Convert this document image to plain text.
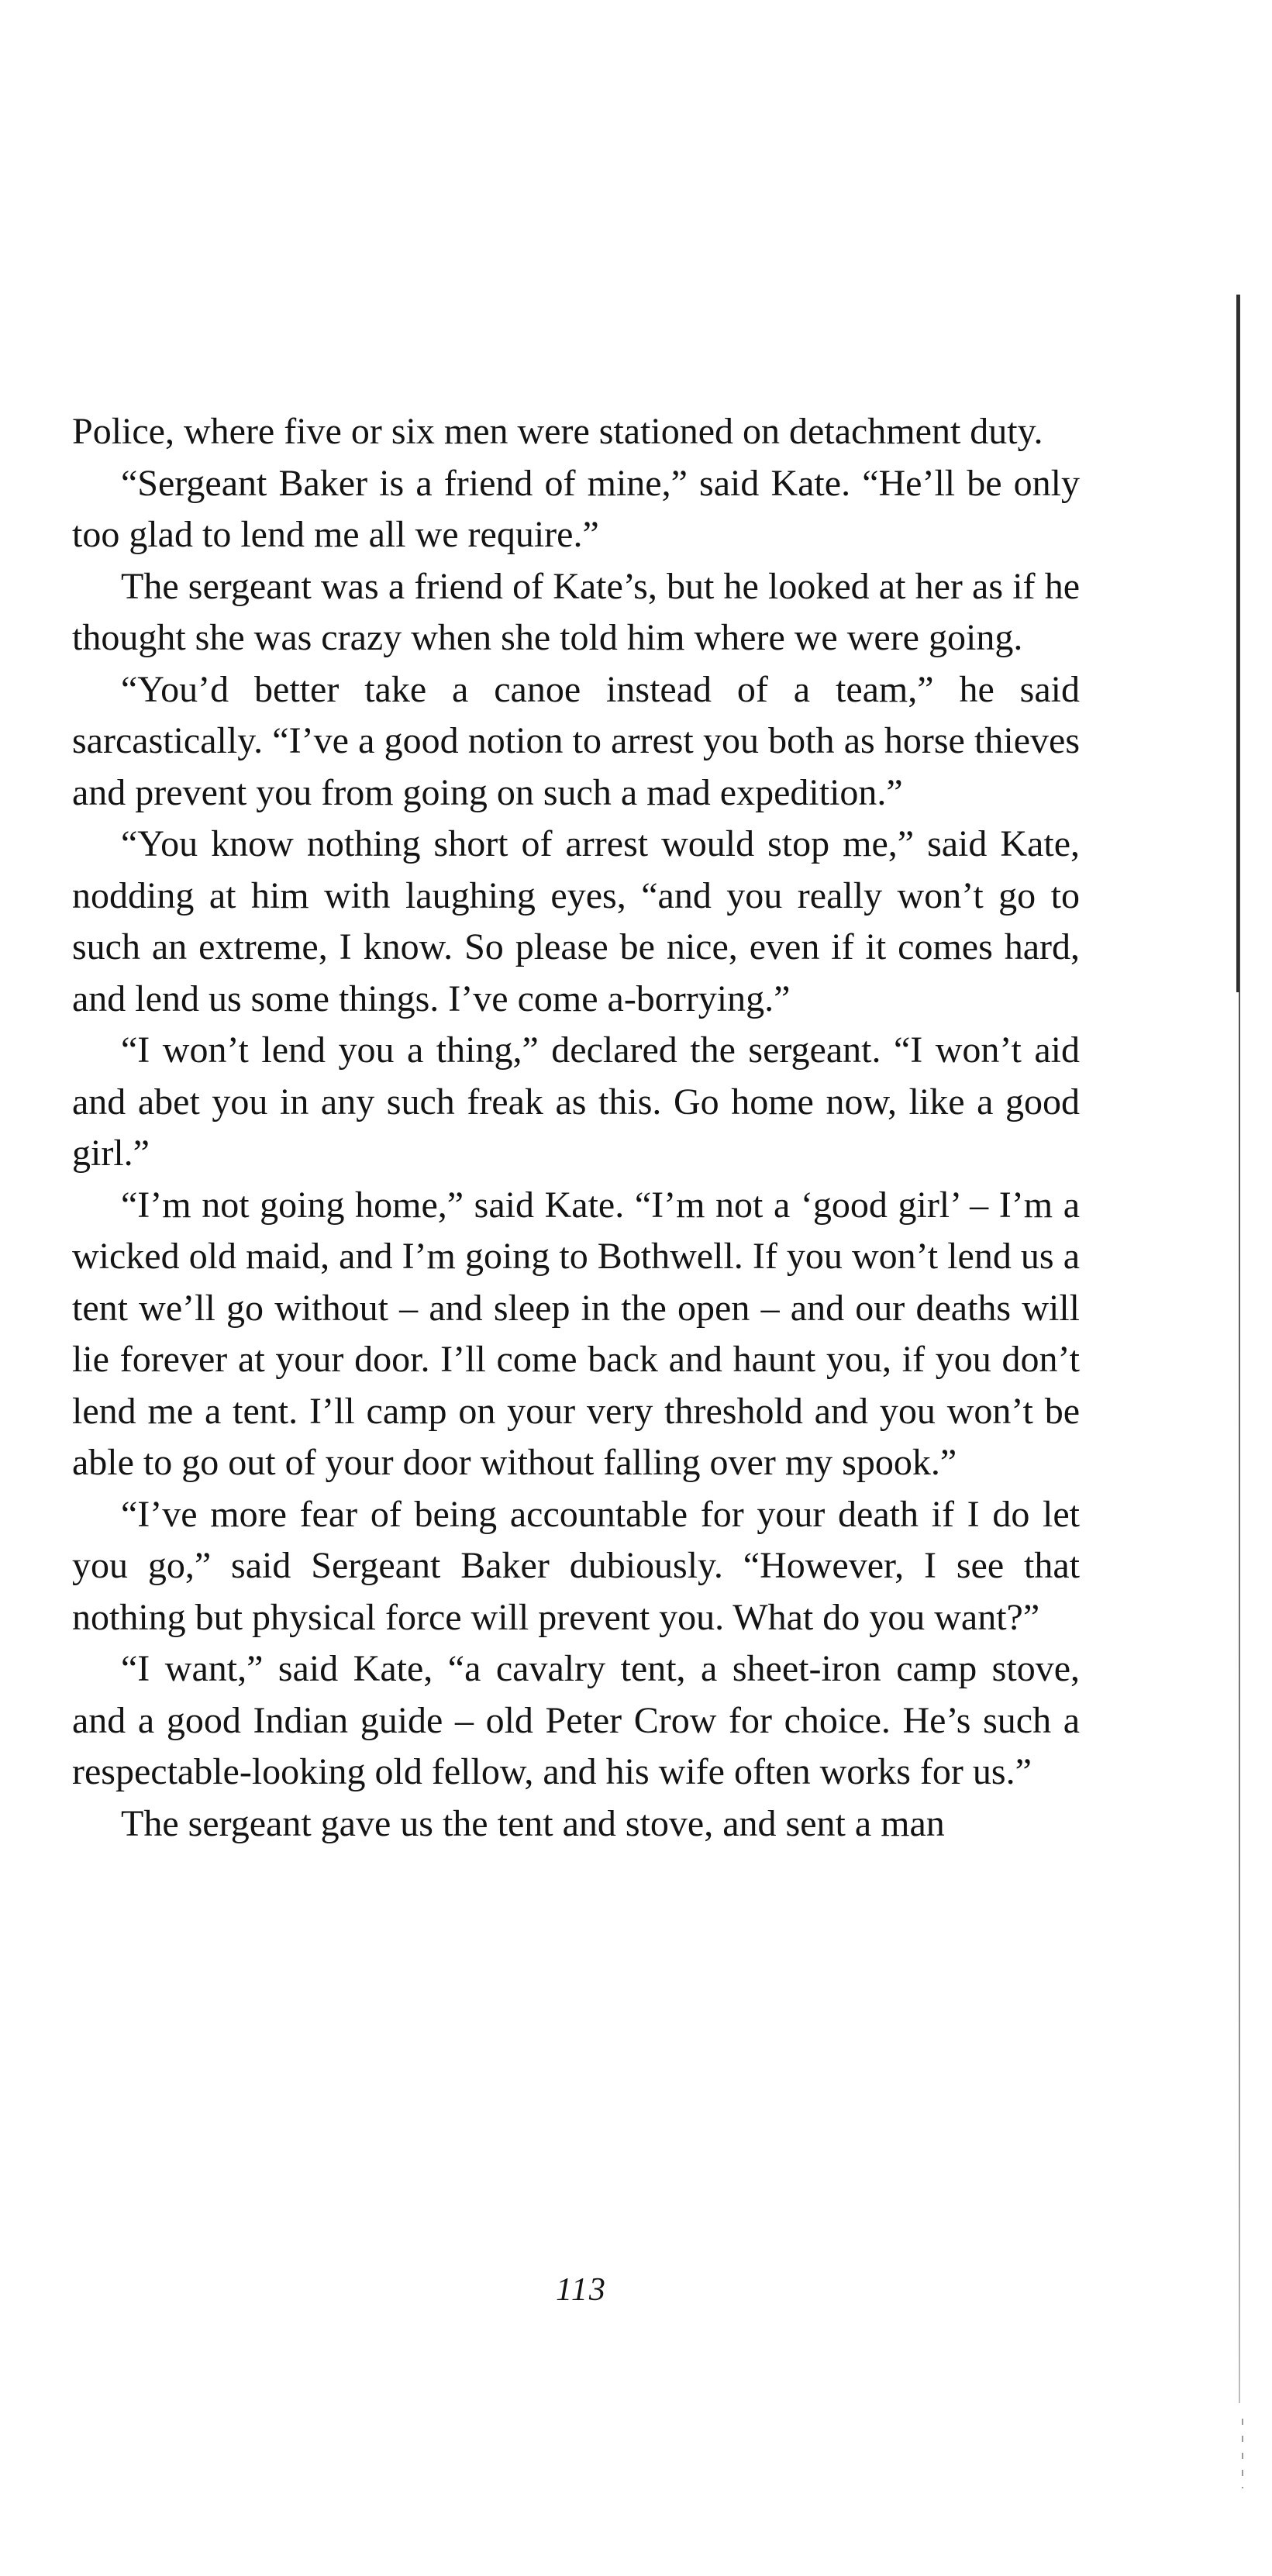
Police, where five or six men were stationed on detachment duty.

“Sergeant Baker is a friend of mine,” said Kate. “He’ll be only too glad to lend me all we require.”

The sergeant was a friend of Kate’s, but he looked at her as if he thought she was crazy when she told him where we were going.

“You’d better take a canoe instead of a team,” he said sarcastically. “I’ve a good notion to arrest you both as horse thieves and prevent you from going on such a mad expedition.”

“You know nothing short of arrest would stop me,” said Kate, nodding at him with laughing eyes, “and you really won’t go to such an extreme, I know. So please be nice, even if it comes hard, and lend us some things. I’ve come a-borrying.”

“I won’t lend you a thing,” declared the sergeant. “I won’t aid and abet you in any such freak as this. Go home now, like a good girl.”

“I’m not going home,” said Kate. “I’m not a ‘good girl’ – I’m a wicked old maid, and I’m going to Bothwell. If you won’t lend us a tent we’ll go without – and sleep in the open – and our deaths will lie forever at your door. I’ll come back and haunt you, if you don’t lend me a tent. I’ll camp on your very threshold and you won’t be able to go out of your door without falling over my spook.”

“I’ve more fear of being accountable for your death if I do let you go,” said Sergeant Baker dubiously. “However, I see that nothing but physical force will prevent you. What do you want?”

“I want,” said Kate, “a cavalry tent, a sheet-iron camp stove, and a good Indian guide – old Peter Crow for choice. He’s such a respectable-looking old fellow, and his wife often works for us.”

The sergeant gave us the tent and stove, and sent a man

113
